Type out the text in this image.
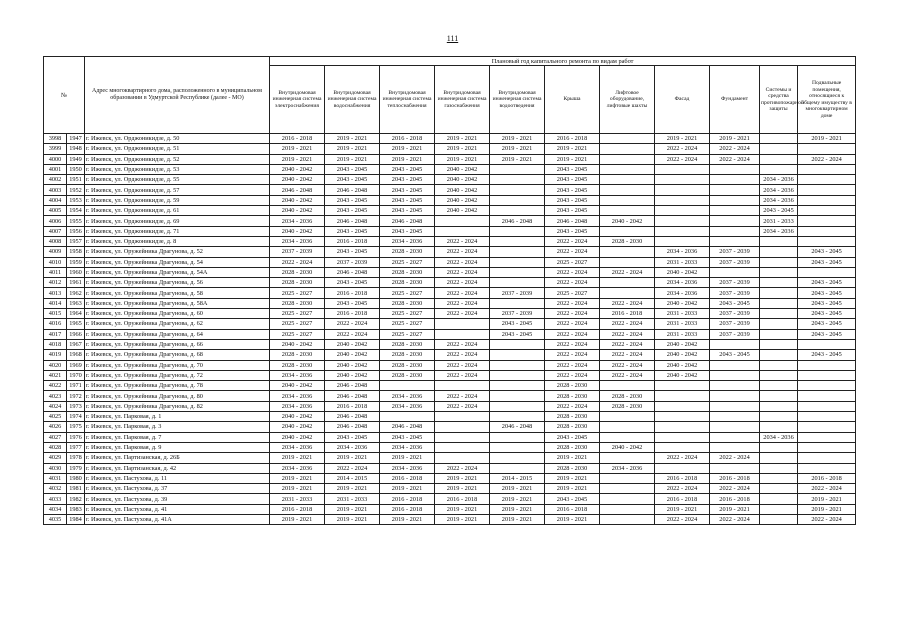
111
№		Адрес многоквартирного дома, расположенного в муниципальном образовании в Удмуртской Республике (далее - МО)	Плановый год капитального ремонта по видам работ										
			Внутридомовая инженерная система электроснабжения	Внутридомовая инженерная система водоснабжения	Внутридомовая инженерная система теплоснабжения	Внутридомовая инженерная система газоснабжения	Внутридомовая инженерная система водоотведения	Крыша	Лифтовое оборудование, лифтовые шахты	Фасад	Фундамент	Системы и средства противопожарной защиты	Подвальные помещения, относящиеся к общему имуществу в многоквартирном доме
3998	1947	г. Ижевск, ул. Орджоникидзе, д. 50	2016 - 2018	2019 - 2021	2016 - 2018	2019 - 2021	2019 - 2021	2016 - 2018		2019 - 2021	2019 - 2021		2019 - 2021
3999	1948	г. Ижевск, ул. Орджоникидзе, д. 51	2019 - 2021	2019 - 2021	2019 - 2021	2019 - 2021	2019 - 2021	2019 - 2021		2022 - 2024	2022 - 2024		
4000	1949	г. Ижевск, ул. Орджоникидзе, д. 52	2019 - 2021	2019 - 2021	2019 - 2021	2019 - 2021	2019 - 2021	2019 - 2021		2022 - 2024	2022 - 2024		2022 - 2024
4001	1950	г. Ижевск, ул. Орджоникидзе, д. 53	2040 - 2042	2043 - 2045	2043 - 2045	2040 - 2042		2043 - 2045					
4002	1951	г. Ижевск, ул. Орджоникидзе, д. 55	2040 - 2042	2043 - 2045	2043 - 2045	2040 - 2042		2043 - 2045				2034 - 2036	
4003	1952	г. Ижевск, ул. Орджоникидзе, д. 57	2046 - 2048	2046 - 2048	2043 - 2045	2040 - 2042		2043 - 2045				2034 - 2036	
4004	1953	г. Ижевск, ул. Орджоникидзе, д. 59	2040 - 2042	2043 - 2045	2043 - 2045	2040 - 2042		2043 - 2045				2034 - 2036	
4005	1954	г. Ижевск, ул. Орджоникидзе, д. 61	2040 - 2042	2043 - 2045	2043 - 2045	2040 - 2042		2043 - 2045				2043 - 2045	
4006	1955	г. Ижевск, ул. Орджоникидзе, д. 69	2034 - 2036	2046 - 2048	2046 - 2048		2046 - 2048	2046 - 2048	2040 - 2042			2031 - 2033	
4007	1956	г. Ижевск, ул. Орджоникидзе, д. 71	2040 - 2042	2043 - 2045	2043 - 2045			2043 - 2045				2034 - 2036	
4008	1957	г. Ижевск, ул. Орджоникидзе, д. 8	2034 - 2036	2016 - 2018	2034 - 2036	2022 - 2024		2022 - 2024	2028 - 2030				
4009	1958	г. Ижевск, ул. Оружейника Драгунова, д. 52	2037 - 2039	2043 - 2045	2028 - 2030	2022 - 2024		2022 - 2024		2034 - 2036	2037 - 2039		2043 - 2045
4010	1959	г. Ижевск, ул. Оружейника Драгунова, д. 54	2022 - 2024	2037 - 2039	2025 - 2027	2022 - 2024		2025 - 2027		2031 - 2033	2037 - 2039		2043 - 2045
4011	1960	г. Ижевск, ул. Оружейника Драгунова, д. 54А	2028 - 2030	2046 - 2048	2028 - 2030	2022 - 2024		2022 - 2024	2022 - 2024	2040 - 2042			
4012	1961	г. Ижевск, ул. Оружейника Драгунова, д. 56	2028 - 2030	2043 - 2045	2028 - 2030	2022 - 2024		2022 - 2024		2034 - 2036	2037 - 2039		2043 - 2045
4013	1962	г. Ижевск, ул. Оружейника Драгунова, д. 58	2025 - 2027	2016 - 2018	2025 - 2027	2022 - 2024	2037 - 2039	2025 - 2027		2034 - 2036	2037 - 2039		2043 - 2045
4014	1963	г. Ижевск, ул. Оружейника Драгунова, д. 58А	2028 - 2030	2043 - 2045	2028 - 2030	2022 - 2024		2022 - 2024	2022 - 2024	2040 - 2042	2043 - 2045		2043 - 2045
4015	1964	г. Ижевск, ул. Оружейника Драгунова, д. 60	2025 - 2027	2016 - 2018	2025 - 2027	2022 - 2024	2037 - 2039	2022 - 2024	2016 - 2018	2031 - 2033	2037 - 2039		2043 - 2045
4016	1965	г. Ижевск, ул. Оружейника Драгунова, д. 62	2025 - 2027	2022 - 2024	2025 - 2027		2043 - 2045	2022 - 2024	2022 - 2024	2031 - 2033	2037 - 2039		2043 - 2045
4017	1966	г. Ижевск, ул. Оружейника Драгунова, д. 64	2025 - 2027	2022 - 2024	2025 - 2027		2043 - 2045	2022 - 2024	2022 - 2024	2031 - 2033	2037 - 2039		2043 - 2045
4018	1967	г. Ижевск, ул. Оружейника Драгунова, д. 66	2040 - 2042	2040 - 2042	2028 - 2030	2022 - 2024		2022 - 2024	2022 - 2024	2040 - 2042			
4019	1968	г. Ижевск, ул. Оружейника Драгунова, д. 68	2028 - 2030	2040 - 2042	2028 - 2030	2022 - 2024		2022 - 2024	2022 - 2024	2040 - 2042	2043 - 2045		2043 - 2045
4020	1969	г. Ижевск, ул. Оружейника Драгунова, д. 70	2028 - 2030	2040 - 2042	2028 - 2030	2022 - 2024		2022 - 2024	2022 - 2024	2040 - 2042			
4021	1970	г. Ижевск, ул. Оружейника Драгунова, д. 72	2034 - 2036	2040 - 2042	2028 - 2030	2022 - 2024		2022 - 2024	2022 - 2024	2040 - 2042			
4022	1971	г. Ижевск, ул. Оружейника Драгунова, д. 78	2040 - 2042	2046 - 2048				2028 - 2030					
4023	1972	г. Ижевск, ул. Оружейника Драгунова, д. 80	2034 - 2036	2046 - 2048	2034 - 2036	2022 - 2024		2028 - 2030	2028 - 2030				
4024	1973	г. Ижевск, ул. Оружейника Драгунова, д. 82	2034 - 2036	2016 - 2018	2034 - 2036	2022 - 2024		2022 - 2024	2028 - 2030				
4025	1974	г. Ижевск, ул. Парковая, д. 1	2040 - 2042	2046 - 2048				2028 - 2030					
4026	1975	г. Ижевск, ул. Парковая, д. 3	2040 - 2042	2046 - 2048	2046 - 2048		2046 - 2048	2028 - 2030					
4027	1976	г. Ижевск, ул. Парковая, д. 7	2040 - 2042	2043 - 2045	2043 - 2045			2043 - 2045				2034 - 2036	
4028	1977	г. Ижевск, ул. Парковая, д. 9	2034 - 2036	2034 - 2036	2034 - 2036			2028 - 2030	2040 - 2042				
4029	1978	г. Ижевск, ул. Партизанская, д. 26Б	2019 - 2021	2019 - 2021	2019 - 2021			2019 - 2021		2022 - 2024	2022 - 2024		
4030	1979	г. Ижевск, ул. Партизанская, д. 42	2034 - 2036	2022 - 2024	2034 - 2036	2022 - 2024		2028 - 2030	2034 - 2036				
4031	1980	г. Ижевск, ул. Пастухова, д. 11	2019 - 2021	2014 - 2015	2016 - 2018	2019 - 2021	2014 - 2015	2019 - 2021		2016 - 2018	2016 - 2018		2016 - 2018
4032	1981	г. Ижевск, ул. Пастухова, д. 37	2019 - 2021	2019 - 2021	2019 - 2021	2019 - 2021	2019 - 2021	2019 - 2021		2022 - 2024	2022 - 2024		2022 - 2024
4033	1982	г. Ижевск, ул. Пастухова, д. 39	2031 - 2033	2031 - 2033	2016 - 2018	2016 - 2018	2019 - 2021	2043 - 2045		2016 - 2018	2016 - 2018		2019 - 2021
4034	1983	г. Ижевск, ул. Пастухова, д. 41	2016 - 2018	2019 - 2021	2016 - 2018	2019 - 2021	2019 - 2021	2016 - 2018		2019 - 2021	2019 - 2021		2019 - 2021
4035	1984	г. Ижевск, ул. Пастухова, д. 41А	2019 - 2021	2019 - 2021	2019 - 2021	2019 - 2021	2019 - 2021	2019 - 2021		2022 - 2024	2022 - 2024		2022 - 2024
